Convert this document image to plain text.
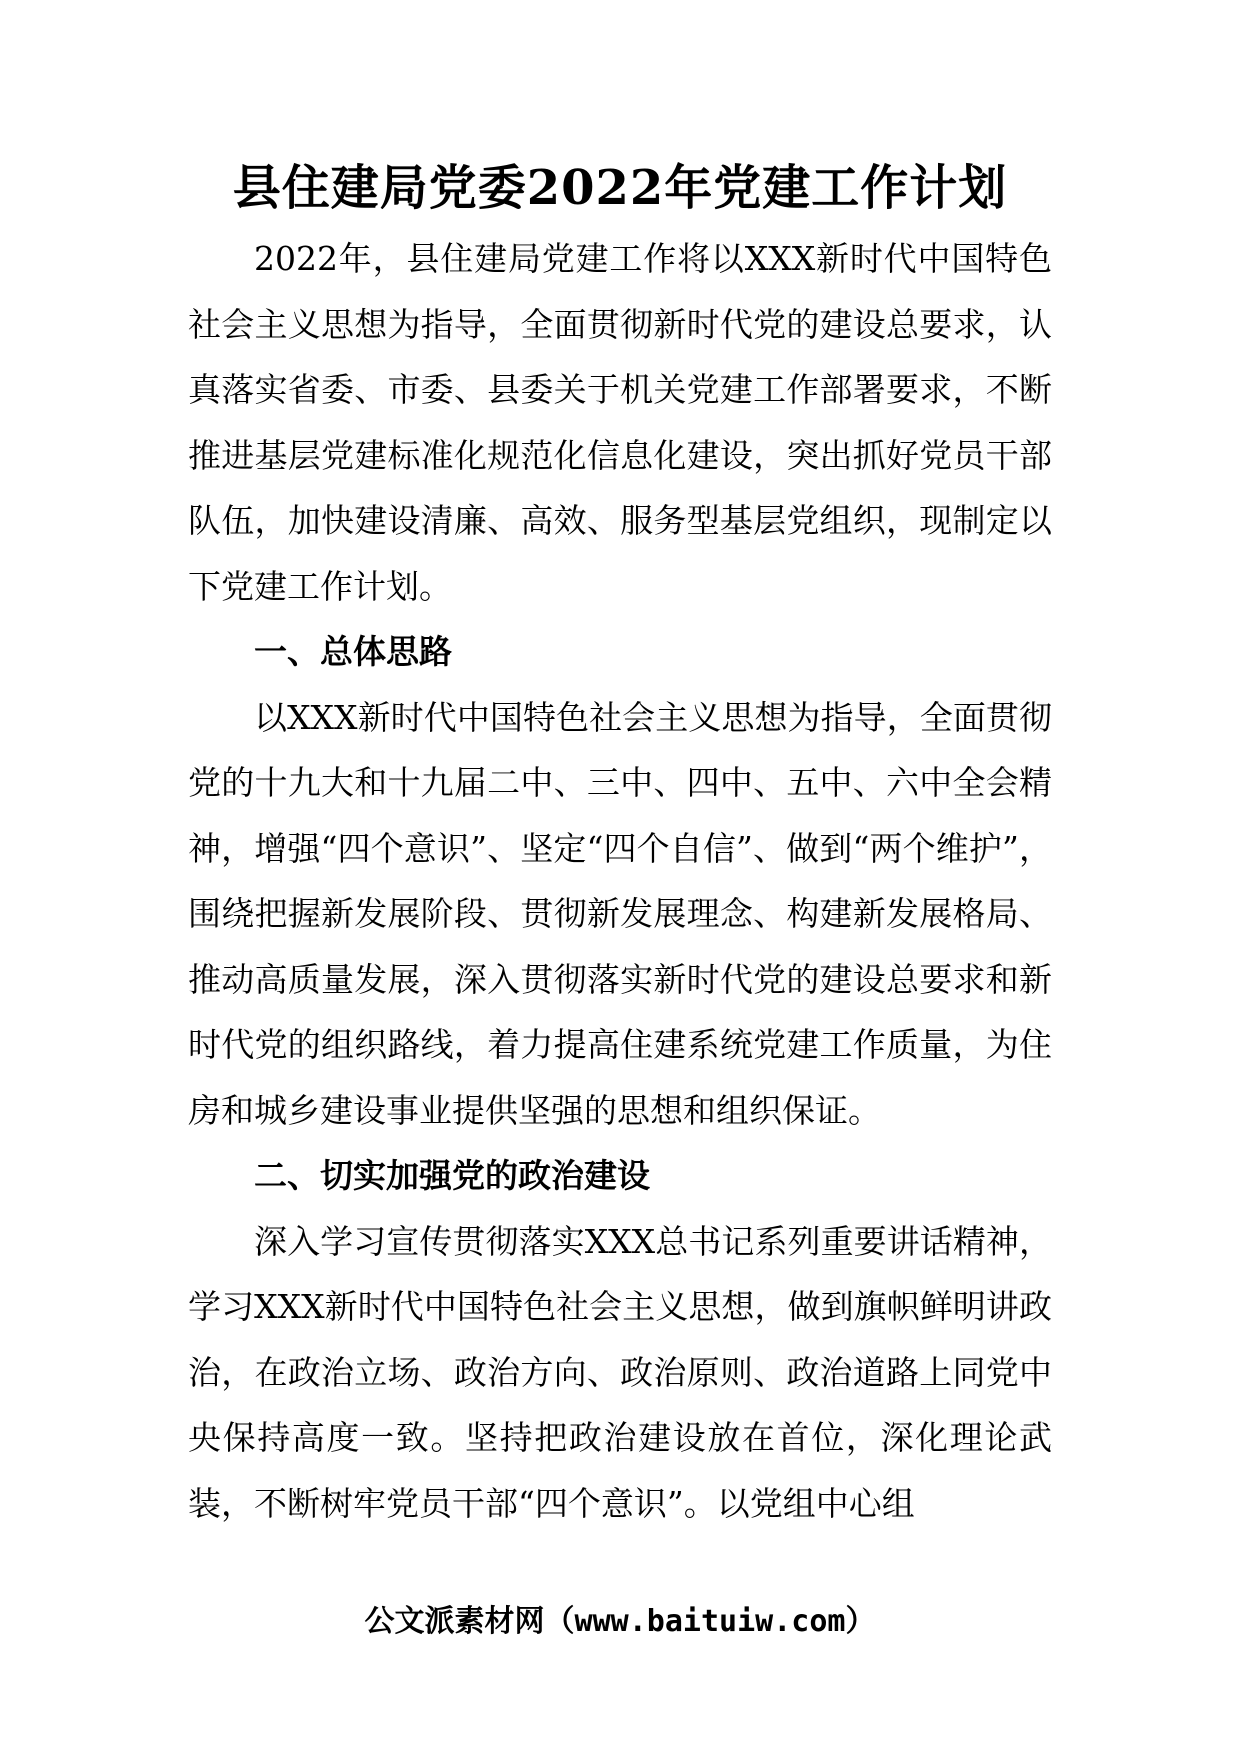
县住建局党委2022年党建工作计划

2022年，县住建局党建工作将以XXX新时代中国特色社会主义思想为指导，全面贯彻新时代党的建设总要求，认真落实省委、市委、县委关于机关党建工作部署要求，不断推进基层党建标准化规范化信息化建设，突出抓好党员干部队伍，加快建设清廉、高效、服务型基层党组织，现制定以下党建工作计划。

一、总体思路

以XXX新时代中国特色社会主义思想为指导，全面贯彻党的十九大和十九届二中、三中、四中、五中、六中全会精神，增强“四个意识”、坚定“四个自信”、做到“两个维护”，围绕把握新发展阶段、贯彻新发展理念、构建新发展格局、推动高质量发展，深入贯彻落实新时代党的建设总要求和新时代党的组织路线，着力提高住建系统党建工作质量，为住房和城乡建设事业提供坚强的思想和组织保证。

二、切实加强党的政治建设

深入学习宣传贯彻落实XXX总书记系列重要讲话精神，学习XXX新时代中国特色社会主义思想，做到旗帜鲜明讲政治，在政治立场、政治方向、政治原则、政治道路上同党中央保持高度一致。坚持把政治建设放在首位，深化理论武装，不断树牢党员干部“四个意识”。以党组中心组

公文派素材网（www.baituiw.com）
